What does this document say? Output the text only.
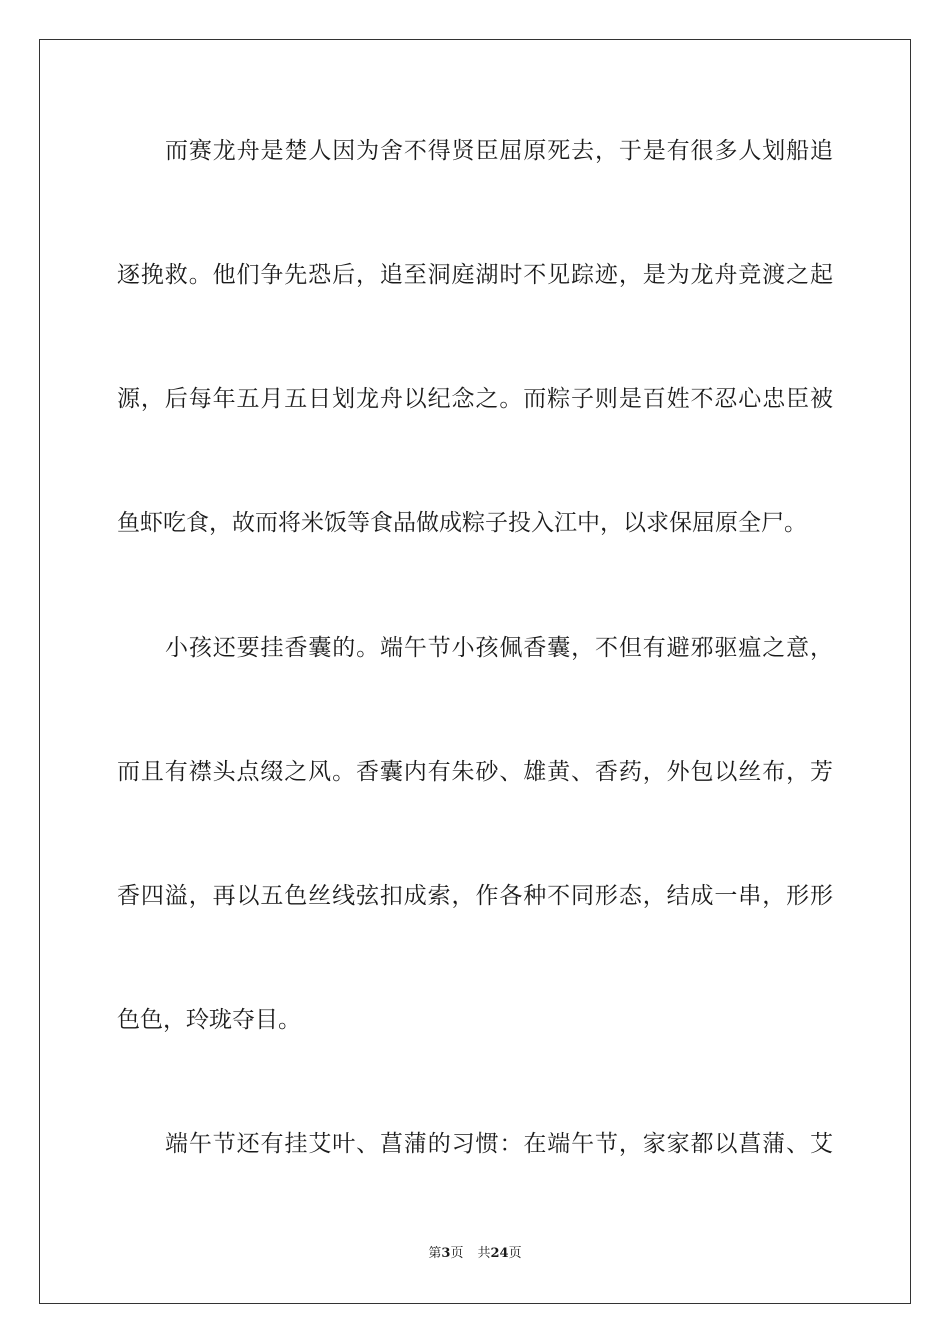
而赛龙舟是楚人因为舍不得贤臣屈原死去，于是有很多人划船追
逐挽救。他们争先恐后，追至洞庭湖时不见踪迹，是为龙舟竞渡之起
源，后每年五月五日划龙舟以纪念之。而粽子则是百姓不忍心忠臣被
鱼虾吃食，故而将米饭等食品做成粽子投入江中，以求保屈原全尸。
小孩还要挂香囊的。端午节小孩佩香囊，不但有避邪驱瘟之意，
而且有襟头点缀之风。香囊内有朱砂、雄黄、香药，外包以丝布，芳
香四溢，再以五色丝线弦扣成索，作各种不同形态，结成一串，形形
色色，玲珑夺目。
端午节还有挂艾叶、菖蒲的习惯：在端午节，家家都以菖蒲、艾
第3页 共24页
